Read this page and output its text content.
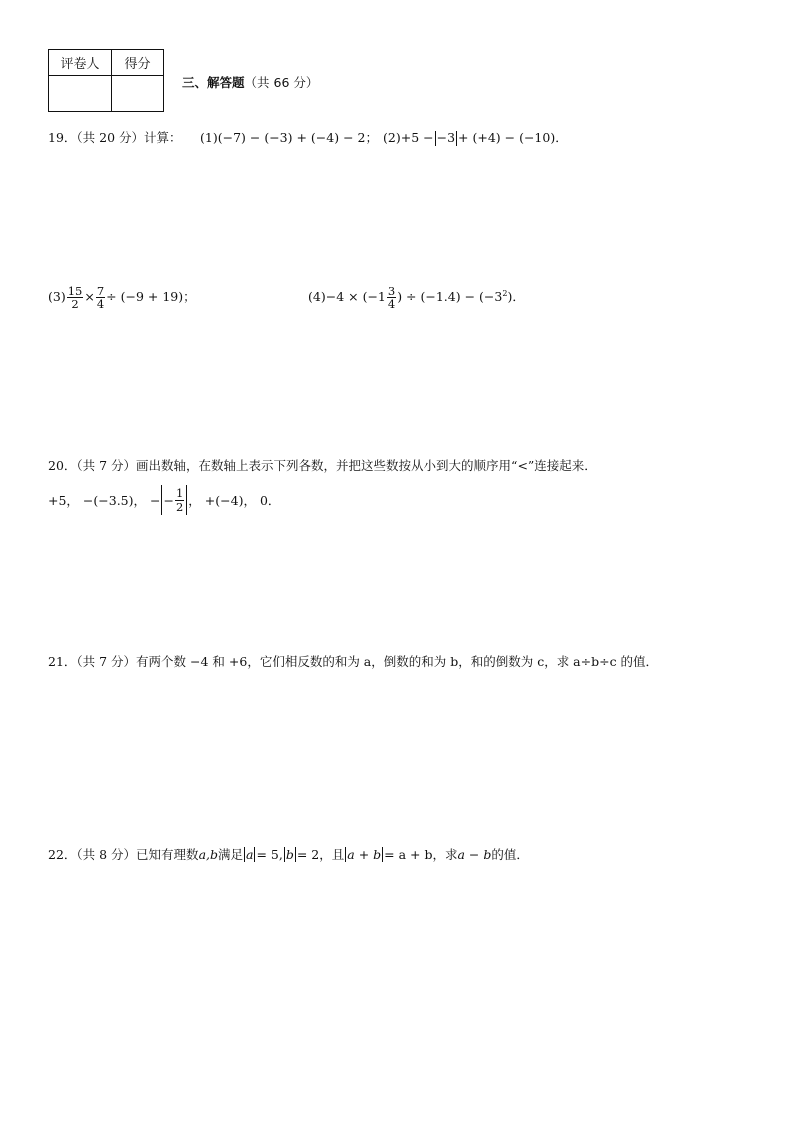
评卷人	得分

三、解答题（共 66 分）
19．（共 20 分）计算： (1)(−7) − (−3) + (−4) − 2； (2)+5 − −3 + (+4) − (−10)．
$(3) \frac{15}{2} \times \frac{7}{4} \div (-9 + 19)$；	$(4)-4 \times (-1 \frac{3}{4}$ ) ÷ $(-1.4) - (-3^2)$．
20．（共 7 分）画出数轴，在数轴上表示下列各数，并把这些数按从小到大的顺序用“<”连接起来．
+5，
−(−3.5)，
− − $\frac{1}{2}$ ，
+(−4)，
0．
21．（共 7 分）有两个数 −4 和 +6，它们相反数的和为 a，倒数的和为 b，和的倒数为 c，求 a÷b÷c 的值．
22．（共 8 分）已知有理数 a,b 满足 a = 5, b = 2，且 a + b = a + b，求 a − b 的值．
